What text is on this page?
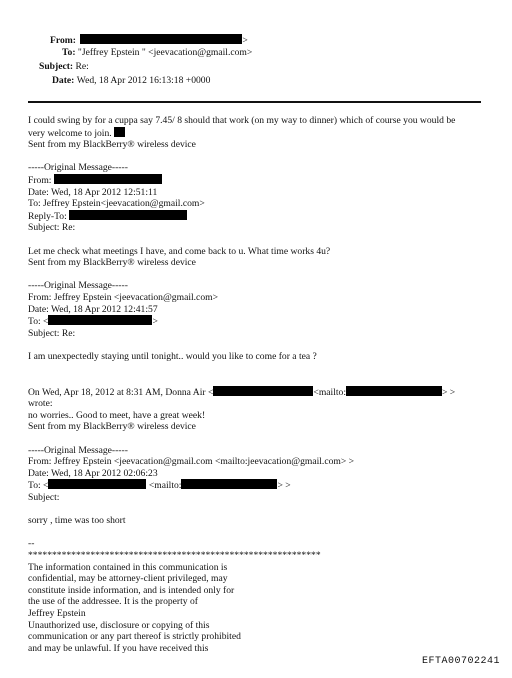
From:	>
To: "Jeffrey Epstein " <jeevacation@gmail.com>
Subject: Re:
Date: Wed, 18 Apr 2012 16:13:18 +0000

I could swing by for a cuppa say 7.45/ 8 should that work (on my way to dinner) which of course you would be

very welcome to join.

Sent from my BlackBerry® wireless device

-----Original Message-----

From:

Date: Wed, 18 Apr 2012 12:51:11

To: Jeffrey Epstein<jeevacation@gmail.com>

Reply-To:

Subject: Re:

Let me check what meetings I have, and come back to u. What time works 4u?

Sent from my BlackBerry® wireless device

-----Original Message-----

From: Jeffrey Epstein <jeevacation@gmail.com>

Date: Wed, 18 Apr 2012 12:41:57

To: <	>

Subject: Re:

I am unexpectedly staying until tonight.. would you like to come for a tea ?

On Wed, Apr 18, 2012 at 8:31 AM, Donna Air <	<mailto:	> >

wrote:

no worries.. Good to meet, have a great week!

Sent from my BlackBerry® wireless device

-----Original Message-----

From: Jeffrey Epstein <jeevacation@gmail.com <mailto:jeevacation@gmail.com> >

Date: Wed, 18 Apr 2012 02:06:23

To: <	<mailto:	> >

Subject:

sorry , time was too short

--

*************************************************************

The information contained in this communication is

confidential, may be attorney-client privileged, may

constitute inside information, and is intended only for

the use of the addressee. It is the property of

Jeffrey Epstein

Unauthorized use, disclosure or copying of this

communication or any part thereof is strictly prohibited

and may be unlawful. If you have received this

EFTA00702241
